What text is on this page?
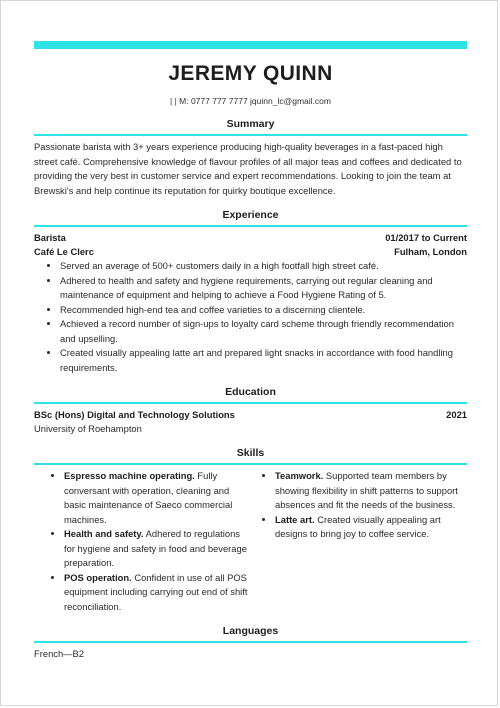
JEREMY QUINN
| | M: 0777 777 7777 jquinn_lc@gmail.com
Summary

Passionate barista with 3+ years experience producing high-quality beverages in a fast-paced high street café. Comprehensive knowledge of flavour profiles of all major teas and coffees and dedicated to providing the very best in customer service and expert recommendations. Looking to join the team at Brewski's and help continue its reputation for quirky boutique excellence.

Experience
Barista	01/2017 to Current
Café Le Clerc	Fulham, London
• Served an average of 500+ customers daily in a high footfall high street café.
• Adhered to health and safety and hygiene requirements, carrying out regular cleaning and maintenance of equipment and helping to achieve a Food Hygiene Rating of 5.
• Recommended high-end tea and coffee varieties to a discerning clientele.
• Achieved a record number of sign-ups to loyalty card scheme through friendly recommendation and upselling.
• Created visually appealing latte art and prepared light snacks in accordance with food handling requirements.
Education
BSc (Hons) Digital and Technology Solutions	2021
University of Roehampton
Skills
• Espresso machine operating. Fully conversant with operation, cleaning and basic maintenance of Saeco commercial machines.
• Health and safety. Adhered to regulations for hygiene and safety in food and beverage preparation.
• POS operation. Confident in use of all POS equipment including carrying out end of shift reconciliation.
• Teamwork. Supported team members by showing flexibility in shift patterns to support absences and fit the needs of the business.
• Latte art. Created visually appealing art designs to bring joy to coffee service.
Languages
French—B2
